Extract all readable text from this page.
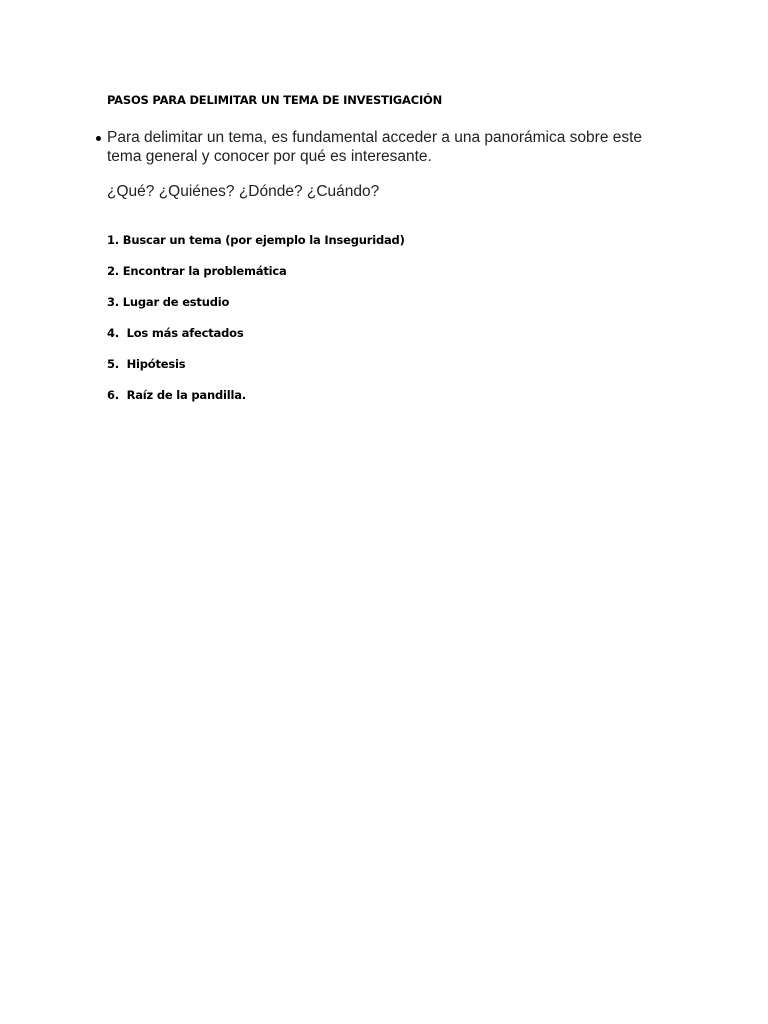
PASOS PARA DELIMITAR UN TEMA DE INVESTIGACIÓN
Para delimitar un tema, es fundamental acceder a una panorámica sobre este tema general y conocer por qué es interesante.
¿Qué? ¿Quiénes? ¿Dónde? ¿Cuándo?
1. Buscar un tema (por ejemplo la Inseguridad)
2. Encontrar la problemática
3. Lugar de estudio
4.  Los más afectados
5.  Hipótesis
6.  Raíz de la pandilla.
